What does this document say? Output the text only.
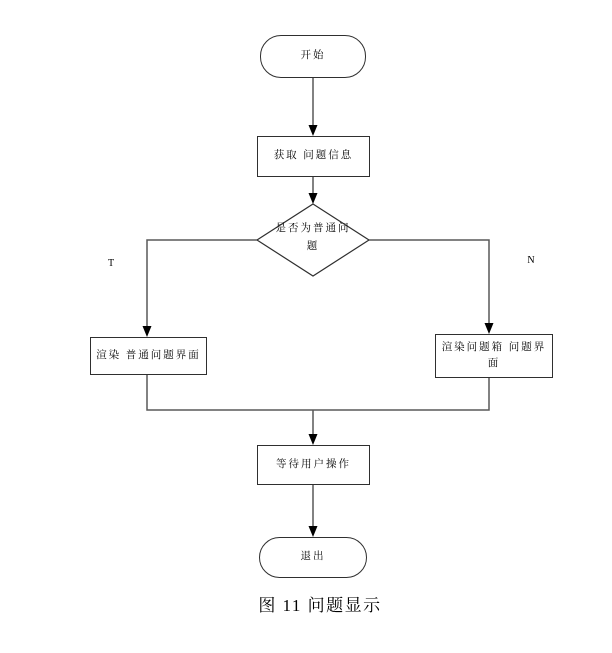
开始
获取 问题信息
是否为普通问题
T	N
渲染 普通问题界面
渲染问题箱 问题界面
等待用户操作
退出
图 11 问题显示
